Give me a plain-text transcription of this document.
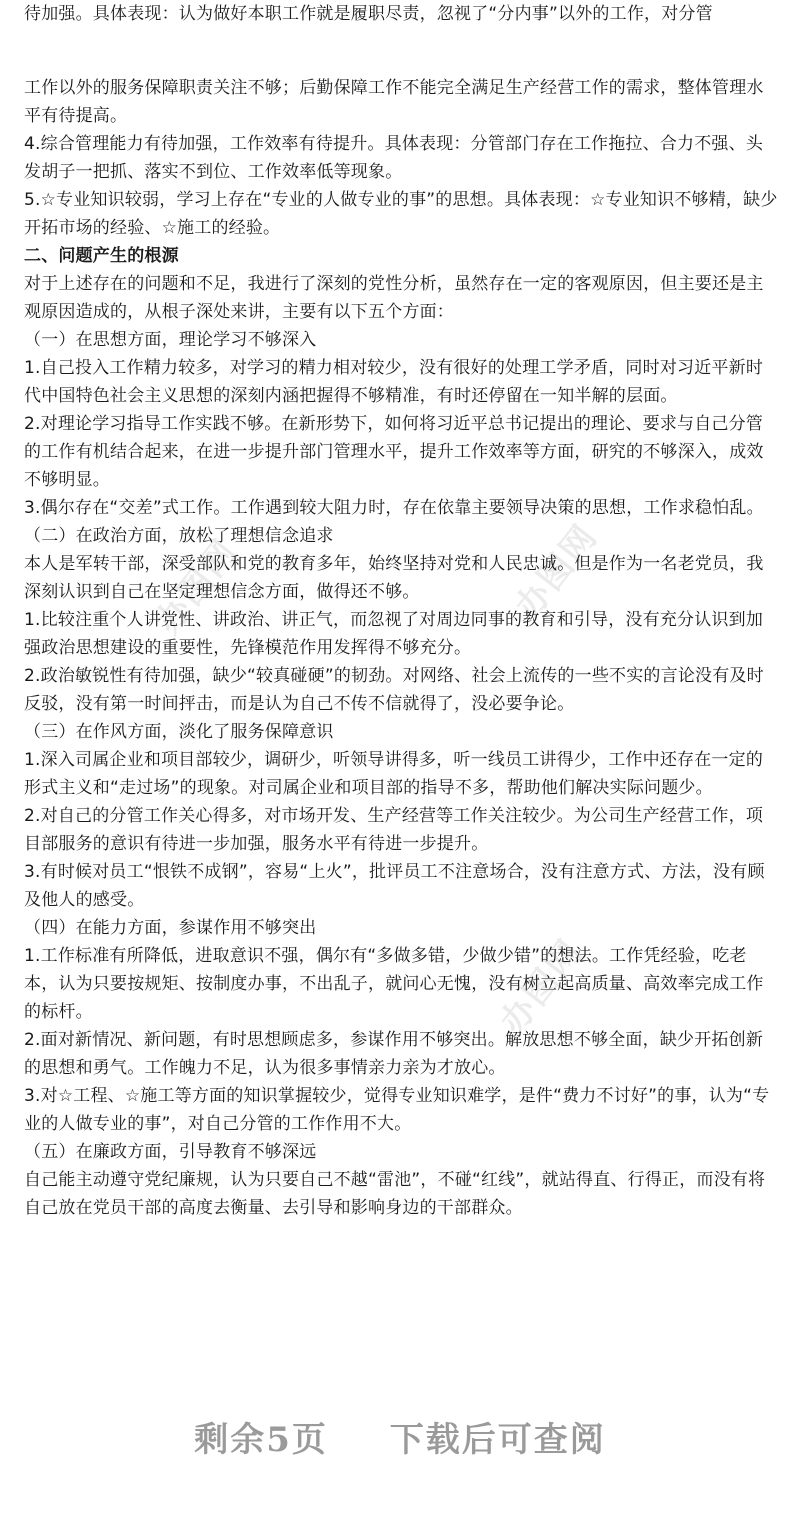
办图网	办图网
办图网

待加强。具体表现：认为做好本职工作就是履职尽责，忽视了“分内事”以外的工作，对分管

工作以外的服务保障职责关注不够；后勤保障工作不能完全满足生产经营工作的需求，整体管理水平有待提高。

4.综合管理能力有待加强，工作效率有待提升。具体表现：分管部门存在工作拖拉、合力不强、头发胡子一把抓、落实不到位、工作效率低等现象。

5.☆专业知识较弱，学习上存在“专业的人做专业的事”的思想。具体表现：☆专业知识不够精，缺少开拓市场的经验、☆施工的经验。

二、问题产生的根源

对于上述存在的问题和不足，我进行了深刻的党性分析，虽然存在一定的客观原因，但主要还是主观原因造成的，从根子深处来讲，主要有以下五个方面：

（一）在思想方面，理论学习不够深入

1.自己投入工作精力较多，对学习的精力相对较少，没有很好的处理工学矛盾，同时对习近平新时代中国特色社会主义思想的深刻内涵把握得不够精准，有时还停留在一知半解的层面。

2.对理论学习指导工作实践不够。在新形势下，如何将习近平总书记提出的理论、要求与自己分管的工作有机结合起来，在进一步提升部门管理水平，提升工作效率等方面，研究的不够深入，成效不够明显。

3.偶尔存在“交差”式工作。工作遇到较大阻力时，存在依靠主要领导决策的思想，工作求稳怕乱。

（二）在政治方面，放松了理想信念追求

本人是军转干部，深受部队和党的教育多年，始终坚持对党和人民忠诚。但是作为一名老党员，我深刻认识到自己在坚定理想信念方面，做得还不够。

1.比较注重个人讲党性、讲政治、讲正气，而忽视了对周边同事的教育和引导，没有充分认识到加强政治思想建设的重要性，先锋模范作用发挥得不够充分。

2.政治敏锐性有待加强，缺少“较真碰硬”的韧劲。对网络、社会上流传的一些不实的言论没有及时反驳，没有第一时间抨击，而是认为自己不传不信就得了，没必要争论。

（三）在作风方面，淡化了服务保障意识

1.深入司属企业和项目部较少，调研少，听领导讲得多，听一线员工讲得少，工作中还存在一定的形式主义和“走过场”的现象。对司属企业和项目部的指导不多，帮助他们解决实际问题少。

2.对自己的分管工作关心得多，对市场开发、生产经营等工作关注较少。为公司生产经营工作，项目部服务的意识有待进一步加强，服务水平有待进一步提升。

3.有时候对员工“恨铁不成钢”，容易“上火”，批评员工不注意场合，没有注意方式、方法，没有顾及他人的感受。

（四）在能力方面，参谋作用不够突出

1.工作标准有所降低，进取意识不强，偶尔有“多做多错，少做少错”的想法。工作凭经验，吃老本，认为只要按规矩、按制度办事，不出乱子，就问心无愧，没有树立起高质量、高效率完成工作的标杆。

2.面对新情况、新问题，有时思想顾虑多，参谋作用不够突出。解放思想不够全面，缺少开拓创新的思想和勇气。工作魄力不足，认为很多事情亲力亲为才放心。

3.对☆工程、☆施工等方面的知识掌握较少，觉得专业知识难学，是件“费力不讨好”的事，认为“专业的人做专业的事”，对自己分管的工作作用不大。

（五）在廉政方面，引导教育不够深远

自己能主动遵守党纪廉规，认为只要自己不越“雷池”，不碰“红线”，就站得直、行得正，而没有将自己放在党员干部的高度去衡量、去引导和影响身边的干部群众。

剩余5页 下载后可查阅
